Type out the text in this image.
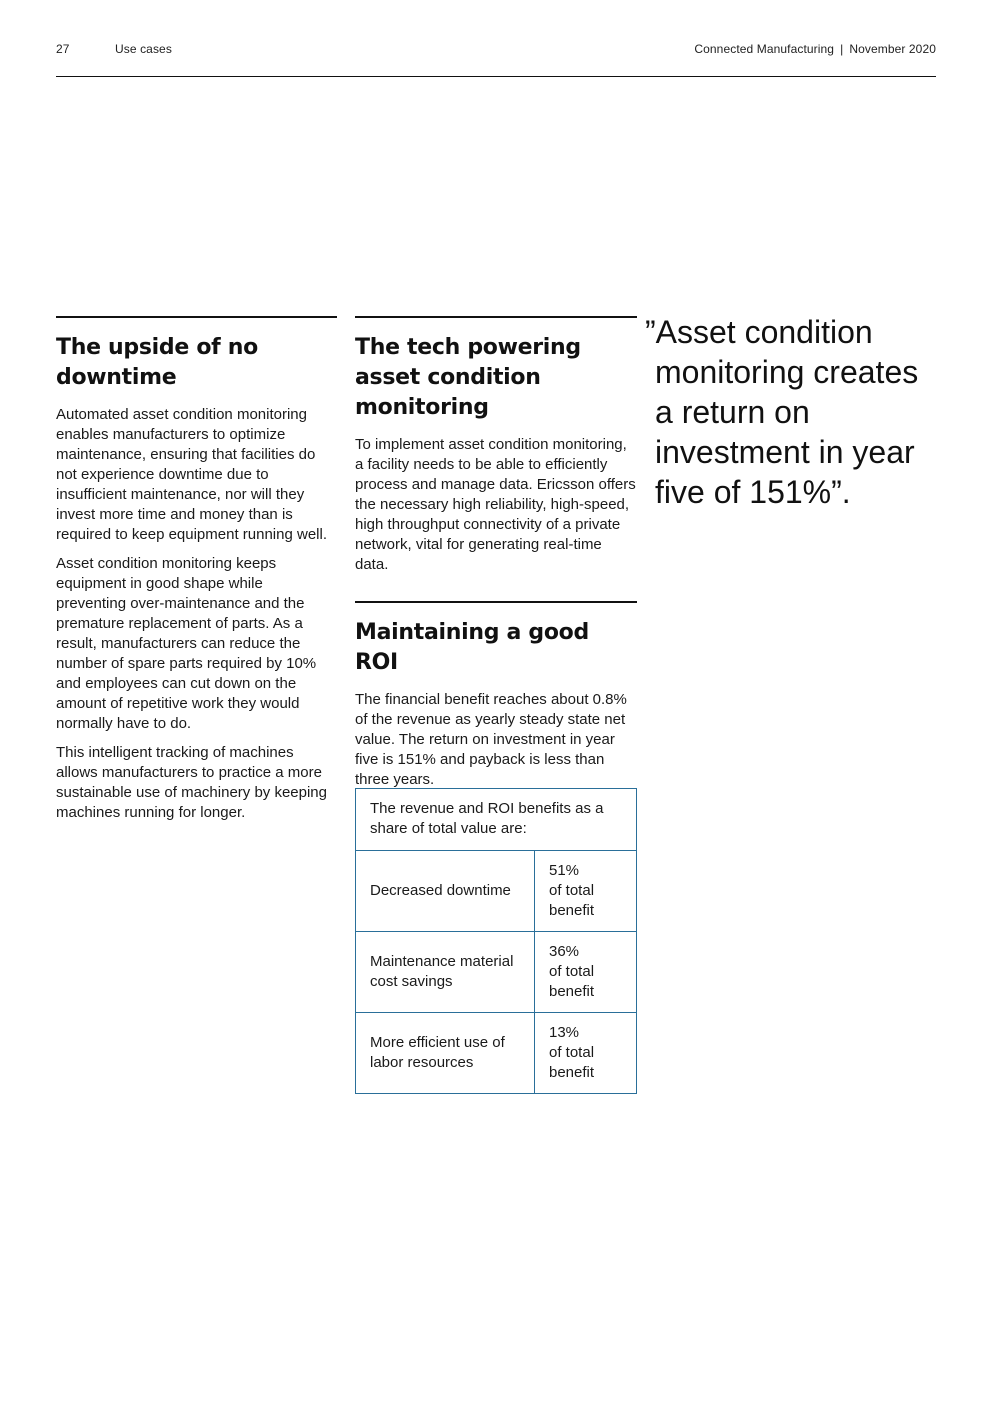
27	Use cases	Connected Manufacturing | November 2020
The upside of no downtime

Automated asset condition monitoring enables manufacturers to optimize maintenance, ensuring that facilities do not experience downtime due to insufficient maintenance, nor will they invest more time and money than is required to keep equipment running well.

Asset condition monitoring keeps equipment in good shape while preventing over-maintenance and the premature replacement of parts. As a result, manufacturers can reduce the number of spare parts required by 10% and employees can cut down on the amount of repetitive work they would normally have to do.

This intelligent tracking of machines allows manufacturers to practice a more sustainable use of machinery by keeping machines running for longer.

The tech powering asset condition monitoring

To implement asset condition monitoring, a facility needs to be able to efficiently process and manage data. Ericsson offers the necessary high reliability, high-speed, high throughput connectivity of a private network, vital for generating real-time data.

Maintaining a good ROI

The financial benefit reaches about 0.8% of the revenue as yearly steady state net value. The return on investment in year five is 151% and payback is less than three years.

The revenue and ROI benefits as a share of total value are:	
Decreased downtime	51%
of total
benefit
Maintenance material cost savings	36%
of total
benefit
More efficient use of labor resources	13%
of total
benefit
”Asset condition monitoring creates a return on investment in year five of 151%”.
